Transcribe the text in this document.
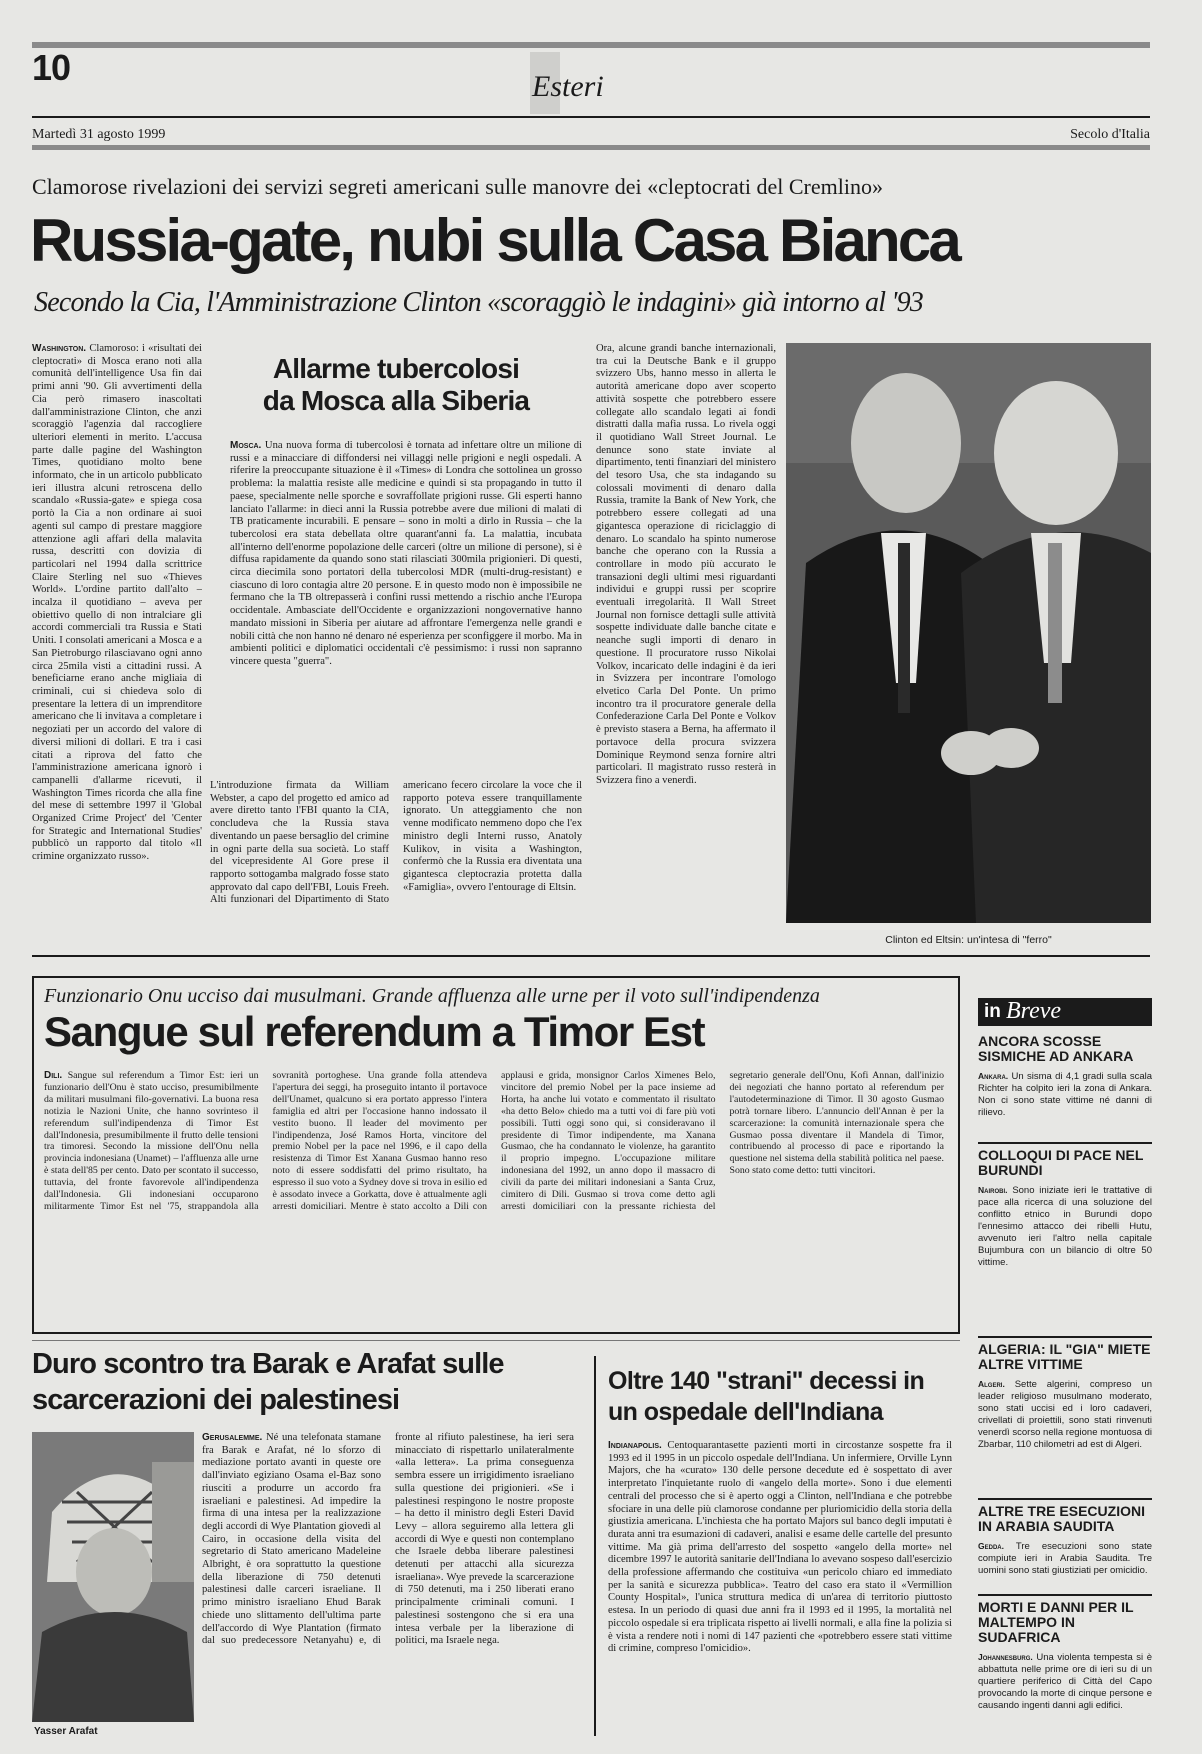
10	Esteri
Martedì 31 agosto 1999	Secolo d'Italia
Clamorose rivelazioni dei servizi segreti americani sulle manovre dei «cleptocrati del Cremlino»
Russia-gate, nubi sulla Casa Bianca
Secondo la Cia, l'Amministrazione Clinton «scoraggiò le indagini» già intorno al '93

Washington. Clamoroso: i «risultati dei cleptocrati» di Mosca erano noti alla comunità dell'intelligence Usa fin dai primi anni '90. Gli avvertimenti della Cia però rimasero inascoltati dall'amministrazione Clinton, che anzi scoraggiò l'agenzia dal raccogliere ulteriori elementi in merito. L'accusa parte dalle pagine del Washington Times, quotidiano molto bene informato, che in un articolo pubblicato ieri illustra alcuni retroscena dello scandalo «Russia-gate» e spiega cosa portò la Cia a non ordinare ai suoi agenti sul campo di prestare maggiore attenzione agli affari della malavita russa, descritti con dovizia di particolari nel 1994 dalla scrittrice Claire Sterling nel suo «Thieves World». L'ordine partito dall'alto – incalza il quotidiano – aveva per obiettivo quello di non intralciare gli accordi commerciali tra Russia e Stati Uniti. I consolati americani a Mosca e a San Pietroburgo rilasciavano ogni anno circa 25mila visti a cittadini russi. A beneficiarne erano anche migliaia di criminali, cui si chiedeva solo di presentare la lettera di un imprenditore americano che li invitava a completare i negoziati per un accordo del valore di diversi milioni di dollari. E tra i casi citati a riprova del fatto che l'amministrazione americana ignorò i campanelli d'allarme ricevuti, il Washington Times ricorda che alla fine del mese di settembre 1997 il 'Global Organized Crime Project' del 'Center for Strategic and International Studies' pubblicò un rapporto dal titolo «Il crimine organizzato russo».

Allarme tubercolosi
da Mosca alla Siberia

Mosca. Una nuova forma di tubercolosi è tornata ad infettare oltre un milione di russi e a minacciare di diffondersi nei villaggi nelle prigioni e negli ospedali. A riferire la preoccupante situazione è il «Times» di Londra che sottolinea un grosso problema: la malattia resiste alle medicine e quindi si sta propagando in tutto il paese, specialmente nelle sporche e sovraffollate prigioni russe. Gli esperti hanno lanciato l'allarme: in dieci anni la Russia potrebbe avere due milioni di malati di TB praticamente incurabili. E pensare – sono in molti a dirlo in Russia – che la tubercolosi era stata debellata oltre quarant'anni fa. La malattia, incubata all'interno dell'enorme popolazione delle carceri (oltre un milione di persone), si è diffusa rapidamente da quando sono stati rilasciati 300mila prigionieri. Di questi, circa diecimila sono portatori della tubercolosi MDR (multi-drug-resistant) e ciascuno di loro contagia altre 20 persone. E in questo modo non è impossibile ne fermano che la TB oltrepasserà i confini russi mettendo a rischio anche l'Europa occidentale. Ambasciate dell'Occidente e organizzazioni nongovernative hanno mandato missioni in Siberia per aiutare ad affrontare l'emergenza nelle grandi e nobili città che non hanno né denaro né esperienza per sconfiggere il morbo. Ma in ambienti politici e diplomatici occidentali c'è pessimismo: i russi non sapranno vincere questa "guerra".

L'introduzione firmata da William Webster, a capo del progetto ed amico ad avere diretto tanto l'FBI quanto la CIA, concludeva che la Russia stava diventando un paese bersaglio del crimine in ogni parte della sua società. Lo staff del vicepresidente Al Gore prese il rapporto sottogamba malgrado fosse stato approvato dal capo dell'FBI, Louis Freeh. Alti funzionari del Dipartimento di Stato americano fecero circolare la voce che il rapporto poteva essere tranquillamente ignorato. Un atteggiamento che non venne modificato nemmeno dopo che l'ex ministro degli Interni russo, Anatoly Kulikov, in visita a Washington, confermò che la Russia era diventata una gigantesca cleptocrazia protetta dalla «Famiglia», ovvero l'entourage di Eltsin.
Ora, alcune grandi banche internazionali, tra cui la Deutsche Bank e il gruppo svizzero Ubs, hanno messo in allerta le autorità americane dopo aver scoperto attività sospette che potrebbero essere collegate allo scandalo legati ai fondi distratti dalla mafia russa. Lo rivela oggi il quotidiano Wall Street Journal. Le denunce sono state inviate al dipartimento, tenti finanziari del ministero del tesoro Usa, che sta indagando su colossali movimenti di denaro dalla Russia, tramite la Bank of New York, che potrebbero essere collegati ad una gigantesca operazione di riciclaggio di denaro. Lo scandalo ha spinto numerose banche che operano con la Russia a controllare in modo più accurato le transazioni degli ultimi mesi riguardanti individui e gruppi russi per scoprire eventuali irregolarità. Il Wall Street Journal non fornisce dettagli sulle attività sospette individuate dalle banche citate e neanche sugli importi di denaro in questione. Il procuratore russo Nikolai Volkov, incaricato delle indagini è da ieri in Svizzera per incontrare l'omologo elvetico Carla Del Ponte. Un primo incontro tra il procuratore generale della Confederazione Carla Del Ponte e Volkov è previsto stasera a Berna, ha affermato il portavoce della procura svizzera Dominique Reymond senza fornire altri particolari. Il magistrato russo resterà in Svizzera fino a venerdì.
Clinton ed Eltsin: un'intesa di "ferro"
Funzionario Onu ucciso dai musulmani. Grande affluenza alle urne per il voto sull'indipendenza
Sangue sul referendum a Timor Est

Dili. Sangue sul referendum a Timor Est: ieri un funzionario dell'Onu è stato ucciso, presumibilmente da militari musulmani filo-governativi. La buona resa notizia le Nazioni Unite, che hanno sovrinteso il referendum sull'indipendenza di Timor Est dall'Indonesia, presumibilmente il frutto delle tensioni tra timoresi. Secondo la missione dell'Onu nella provincia indonesiana (Unamet) – l'affluenza alle urne è stata dell'85 per cento. Dato per scontato il successo, tuttavia, del fronte favorevole all'indipendenza dall'Indonesia. Gli indonesiani occuparono militarmente Timor Est nel '75, strappandola alla sovranità portoghese. Una grande folla attendeva l'apertura dei seggi, ha proseguito intanto il portavoce dell'Unamet, qualcuno si era portato appresso l'intera famiglia ed altri per l'occasione hanno indossato il vestito buono. Il leader del movimento per l'indipendenza, José Ramos Horta, vincitore del premio Nobel per la pace nel 1996, e il capo della resistenza di Timor Est Xanana Gusmao hanno reso noto di essere soddisfatti del primo risultato, ha espresso il suo voto a Sydney dove si trova in esilio ed è assodato invece a Gorkatta, dove è attualmente agli arresti domiciliari. Mentre è stato accolto a Dili con applausi e grida, monsignor Carlos Ximenes Belo, vincitore del premio Nobel per la pace insieme ad Horta, ha anche lui votato e commentato il risultato «ha detto Belo» chiedo ma a tutti voi di fare più voti possibili. Tutti oggi sono qui, si consideravano il presidente di Timor indipendente, ma Xanana Gusmao, che ha condannato le violenze, ha garantito il proprio impegno. L'occupazione militare indonesiana del 1992, un anno dopo il massacro di civili da parte dei militari indonesiani a Santa Cruz, cimitero di Dili. Gusmao si trova come detto agli arresti domiciliari con la pressante richiesta del segretario generale dell'Onu, Kofi Annan, dall'inizio dei negoziati che hanno portato al referendum per l'autodeterminazione di Timor. Il 30 agosto Gusmao potrà tornare libero. L'annuncio dell'Annan è per la scarcerazione: la comunità internazionale spera che Gusmao possa diventare il Mandela di Timor, contribuendo al processo di pace e riportando la questione nel sistema della stabilità politica nel paese. Sono stato come detto: tutti vincitori.

in Breve
ANCORA SCOSSE SISMICHE AD ANKARA
Ankara. Un sisma di 4,1 gradi sulla scala Richter ha colpito ieri la zona di Ankara. Non ci sono state vittime né danni di rilievo.
COLLOQUI DI PACE NEL BURUNDI
Nairobi. Sono iniziate ieri le trattative di pace alla ricerca di una soluzione del conflitto etnico in Burundi dopo l'ennesimo attacco dei ribelli Hutu, avvenuto ieri l'altro nella capitale Bujumbura con un bilancio di oltre 50 vittime.
ALGERIA: IL "GIA" MIETE ALTRE VITTIME
Algeri. Sette algerini, compreso un leader religioso musulmano moderato, sono stati uccisi ed i loro cadaveri, crivellati di proiettili, sono stati rinvenuti venerdì scorso nella regione montuosa di Zbarbar, 110 chilometri ad est di Algeri.
ALTRE TRE ESECUZIONI IN ARABIA SAUDITA
Gedda. Tre esecuzioni sono state compiute ieri in Arabia Saudita. Tre uomini sono stati giustiziati per omicidio.
MORTI E DANNI PER IL MALTEMPO IN SUDAFRICA
Johannesburg. Una violenta tempesta si è abbattuta nelle prime ore di ieri su di un quartiere periferico di Città del Capo provocando la morte di cinque persone e causando ingenti danni agli edifici.
Duro scontro tra Barak e Arafat sulle scarcerazioni dei palestinesi
Yasser Arafat

Gerusalemme. Né una telefonata stamane fra Barak e Arafat, né lo sforzo di mediazione portato avanti in queste ore dall'inviato egiziano Osama el-Baz sono riusciti a produrre un accordo fra israeliani e palestinesi. Ad impedire la firma di una intesa per la realizzazione degli accordi di Wye Plantation giovedì al Cairo, in occasione della visita del segretario di Stato americano Madeleine Albright, è ora soprattutto la questione della liberazione di 750 detenuti palestinesi dalle carceri israeliane. Il primo ministro israeliano Ehud Barak chiede uno slittamento dell'ultima parte dell'accordo di Wye Plantation (firmato dal suo predecessore Netanyahu) e, di fronte al rifiuto palestinese, ha ieri sera minacciato di rispettarlo unilateralmente «alla lettera». La prima conseguenza sembra essere un irrigidimento israeliano sulla questione dei prigionieri. «Se i palestinesi respingono le nostre proposte – ha detto il ministro degli Esteri David Levy – allora seguiremo alla lettera gli accordi di Wye e questi non contemplano che Israele debba liberare palestinesi detenuti per attacchi alla sicurezza israeliana». Wye prevede la scarcerazione di 750 detenuti, ma i 250 liberati erano principalmente criminali comuni. I palestinesi sostengono che si era una intesa verbale per la liberazione di politici, ma Israele nega.

Oltre 140 "strani" decessi in un ospedale dell'Indiana

Indianapolis. Centoquarantasette pazienti morti in circostanze sospette fra il 1993 ed il 1995 in un piccolo ospedale dell'Indiana. Un infermiere, Orville Lynn Majors, che ha «curato» 130 delle persone decedute ed è sospettato di aver interpretato l'inquietante ruolo di «angelo della morte». Sono i due elementi centrali del processo che si è aperto oggi a Clinton, nell'Indiana e che potrebbe sfociare in una delle più clamorose condanne per pluriomicidio della storia della giustizia americana. L'inchiesta che ha portato Majors sul banco degli imputati è durata anni tra esumazioni di cadaveri, analisi e esame delle cartelle del presunto vittime. Ma già prima dell'arresto del sospetto «angelo della morte» nel dicembre 1997 le autorità sanitarie dell'Indiana lo avevano sospeso dall'esercizio della professione affermando che costituiva «un pericolo chiaro ed immediato per la sanità e sicurezza pubblica». Teatro del caso era stato il «Vermillion County Hospital», l'unica struttura medica di un'area di territorio piuttosto estesa. In un periodo di quasi due anni fra il 1993 ed il 1995, la mortalità nel piccolo ospedale si era triplicata rispetto ai livelli normali, e alla fine la polizia si è vista a rendere noti i nomi di 147 pazienti che «potrebbero essere stati vittime di crimine, compreso l'omicidio».
